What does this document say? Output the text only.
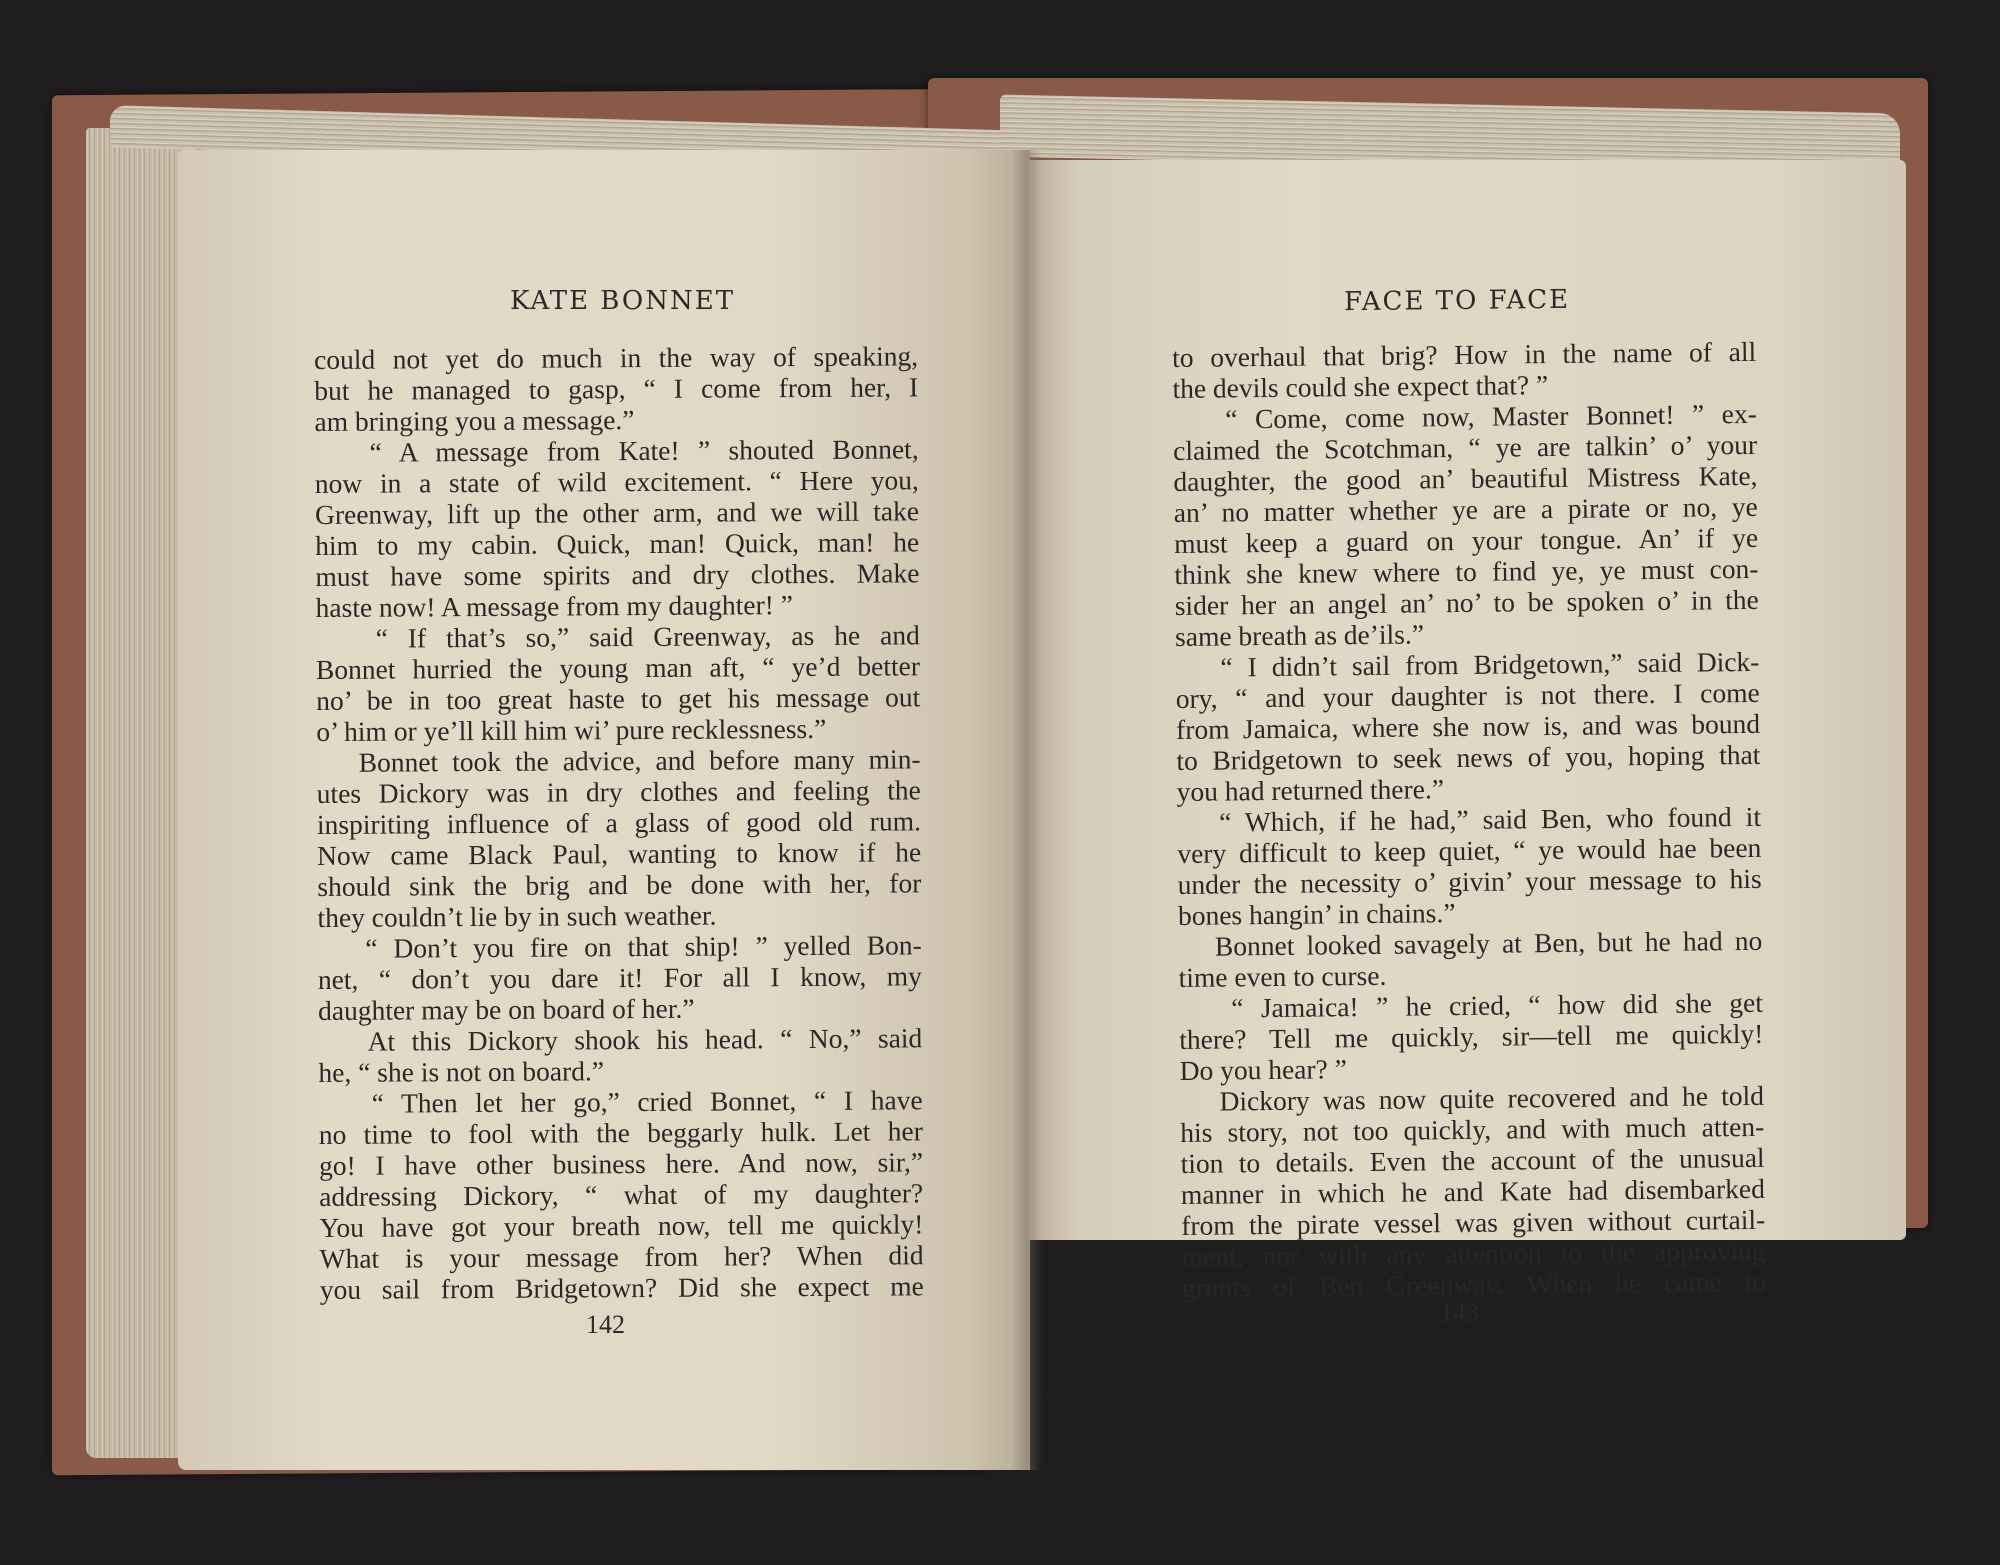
KATE BONNET	FACE TO FACE
could not yet do much in the way of speaking,
but he managed to gasp, “ I come from her, I
am bringing you a message.”
“ A message from Kate! ” shouted Bonnet,
now in a state of wild excitement. “ Here you,
Greenway, lift up the other arm, and we will take
him to my cabin. Quick, man! Quick, man! he
must have some spirits and dry clothes. Make
haste now! A message from my daughter! ”
“ If that’s so,” said Greenway, as he and
Bonnet hurried the young man aft, “ ye’d better
no’ be in too great haste to get his message out
o’ him or ye’ll kill him wi’ pure recklessness.”
Bonnet took the advice, and before many min-
utes Dickory was in dry clothes and feeling the
inspiriting influence of a glass of good old rum.
Now came Black Paul, wanting to know if he
should sink the brig and be done with her, for
they couldn’t lie by in such weather.
“ Don’t you fire on that ship! ” yelled Bon-
net, “ don’t you dare it! For all I know, my
daughter may be on board of her.”
At this Dickory shook his head. “ No,” said
he, “ she is not on board.”
“ Then let her go,” cried Bonnet, “ I have
no time to fool with the beggarly hulk. Let her
go! I have other business here. And now, sir,”
addressing Dickory, “ what of my daughter?
You have got your breath now, tell me quickly!
What is your message from her? When did
you sail from Bridgetown? Did she expect me
to overhaul that brig? How in the name of all
the devils could she expect that? ”
“ Come, come now, Master Bonnet! ” ex-
claimed the Scotchman, “ ye are talkin’ o’ your
daughter, the good an’ beautiful Mistress Kate,
an’ no matter whether ye are a pirate or no, ye
must keep a guard on your tongue. An’ if ye
think she knew where to find ye, ye must con-
sider her an angel an’ no’ to be spoken o’ in the
same breath as de’ils.”
“ I didn’t sail from Bridgetown,” said Dick-
ory, “ and your daughter is not there. I come
from Jamaica, where she now is, and was bound
to Bridgetown to seek news of you, hoping that
you had returned there.”
“ Which, if he had,” said Ben, who found it
very difficult to keep quiet, “ ye would hae been
under the necessity o’ givin’ your message to his
bones hangin’ in chains.”
Bonnet looked savagely at Ben, but he had no
time even to curse.
“ Jamaica! ” he cried, “ how did she get
there? Tell me quickly, sir—tell me quickly!
Do you hear? ”
Dickory was now quite recovered and he told
his story, not too quickly, and with much atten-
tion to details. Even the account of the unusual
manner in which he and Kate had disembarked
from the pirate vessel was given without curtail-
ment, nor with any attention to the approving
grunts of Ben Greenway. When he came to
142	143
